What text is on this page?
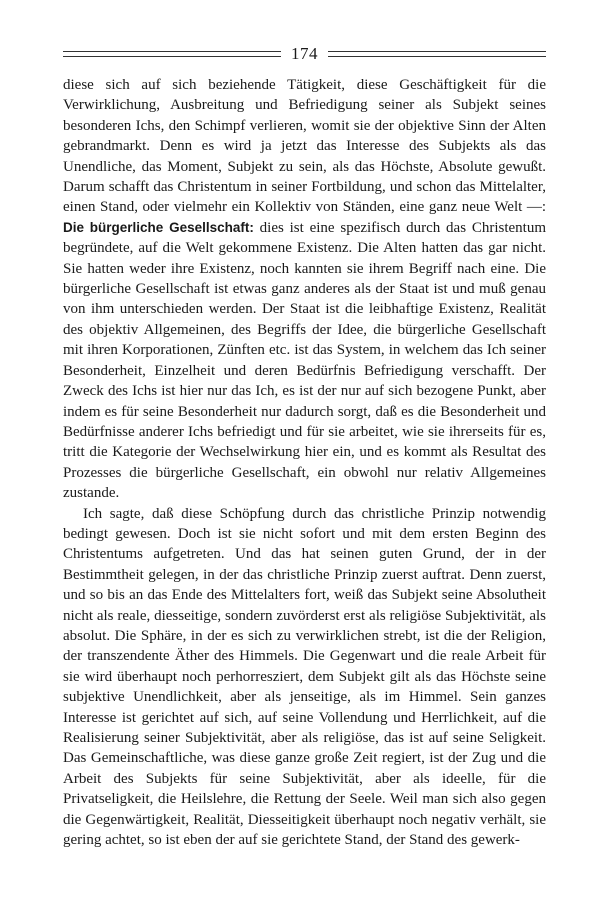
174

diese sich auf sich beziehende Tätigkeit, diese Geschäftigkeit für die Verwirklichung, Ausbreitung und Befriedigung seiner als Subjekt seines besonderen Ichs, den Schimpf verlieren, womit sie der objektive Sinn der Alten gebrandmarkt. Denn es wird ja jetzt das Interesse des Subjekts als das Unendliche, das Moment, Subjekt zu sein, als das Höchste, Absolute gewußt. Darum schafft das Christentum in seiner Fortbildung, und schon das Mittelalter, einen Stand, oder vielmehr ein Kollektiv von Ständen, eine ganz neue Welt —: Die bürgerliche Gesellschaft: dies ist eine spezifisch durch das Christentum begründete, auf die Welt gekommene Existenz. Die Alten hatten das gar nicht. Sie hatten weder ihre Existenz, noch kannten sie ihrem Begriff nach eine. Die bürgerliche Gesellschaft ist etwas ganz anderes als der Staat ist und muß genau von ihm unterschieden werden. Der Staat ist die leibhaftige Existenz, Realität des objektiv Allgemeinen, des Begriffs der Idee, die bürgerliche Gesellschaft mit ihren Korporationen, Zünften etc. ist das System, in welchem das Ich seiner Besonderheit, Einzelheit und deren Bedürfnis Befriedigung verschafft. Der Zweck des Ichs ist hier nur das Ich, es ist der nur auf sich bezogene Punkt, aber indem es für seine Besonderheit nur dadurch sorgt, daß es die Besonderheit und Bedürfnisse anderer Ichs befriedigt und für sie arbeitet, wie sie ihrerseits für es, tritt die Kategorie der Wechselwirkung hier ein, und es kommt als Resultat des Prozesses die bürgerliche Gesellschaft, ein obwohl nur relativ Allgemeines zustande.

Ich sagte, daß diese Schöpfung durch das christliche Prinzip notwendig bedingt gewesen. Doch ist sie nicht sofort und mit dem ersten Beginn des Christentums aufgetreten. Und das hat seinen guten Grund, der in der Bestimmtheit gelegen, in der das christliche Prinzip zuerst auftrat. Denn zuerst, und so bis an das Ende des Mittelalters fort, weiß das Subjekt seine Absolutheit nicht als reale, diesseitige, sondern zuvörderst erst als religiöse Subjektivität, als absolut. Die Sphäre, in der es sich zu verwirklichen strebt, ist die der Religion, der transzendente Äther des Himmels. Die Gegenwart und die reale Arbeit für sie wird überhaupt noch perhorresziert, dem Subjekt gilt als das Höchste seine subjektive Unendlichkeit, aber als jenseitige, als im Himmel. Sein ganzes Interesse ist gerichtet auf sich, auf seine Vollendung und Herrlichkeit, auf die Realisierung seiner Subjektivität, aber als religiöse, das ist auf seine Seligkeit. Das Gemeinschaftliche, was diese ganze große Zeit regiert, ist der Zug und die Arbeit des Subjekts für seine Subjektivität, aber als ideelle, für die Privatseligkeit, die Heilslehre, die Rettung der Seele. Weil man sich also gegen die Gegenwärtigkeit, Realität, Diesseitigkeit überhaupt noch negativ verhält, sie gering achtet, so ist eben der auf sie gerichtete Stand, der Stand des gewerk-
